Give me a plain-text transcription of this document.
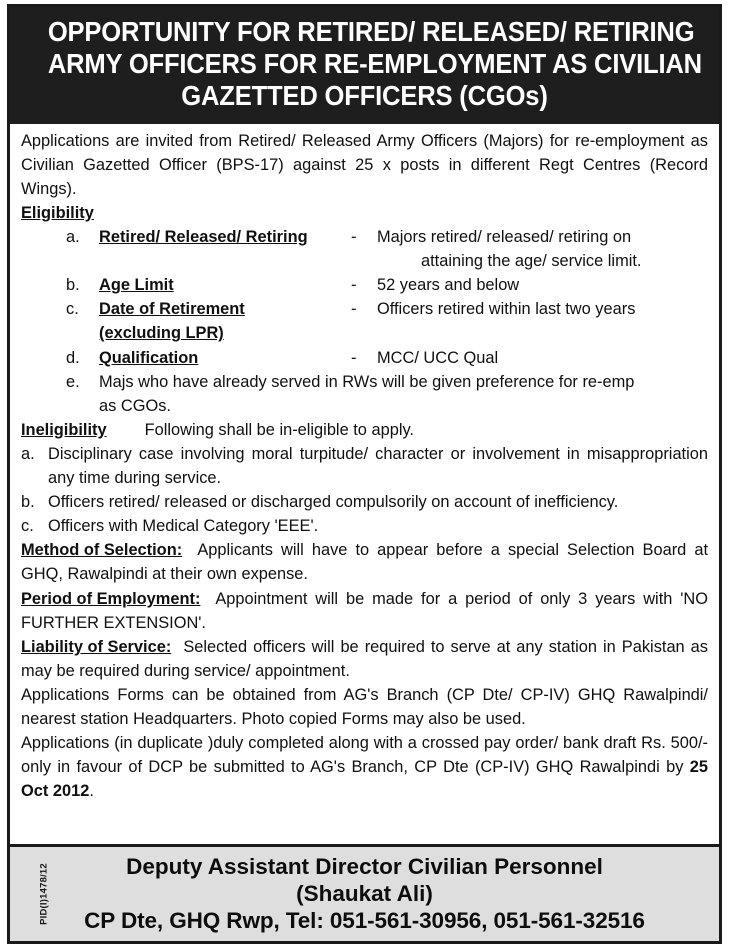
OPPORTUNITY FOR RETIRED/ RELEASED/ RETIRING
ARMY OFFICERS FOR RE-EMPLOYMENT AS CIVILIAN
GAZETTED OFFICERS (CGOs)

Applications are invited from Retired/ Released Army Officers (Majors) for re-employment as Civilian Gazetted Officer (BPS-17) against 25 x posts in different Regt Centres (Record Wings).

Eligibility
a.	Retired/ Released/ Retiring	-	Majors retired/ released/ retiring on
attaining the age/ service limit.
b.	Age Limit	-	52 years and below
c.	Date of Retirement	-	Officers retired within last two years
(excluding LPR)
d.	Qualification	-	MCC/ UCC Qual
e.	Majs who have already served in RWs will be given preference for re-emp
as CGOs.
Ineligibility Following shall be in-eligible to apply.
a. Disciplinary case involving moral turpitude/ character or involvement in misappropriation any time during service.
b. Officers retired/ released or discharged compulsorily on account of inefficiency.
c. Officers with Medical Category 'EEE'.

Method of Selection: Applicants will have to appear before a special Selection Board at GHQ, Rawalpindi at their own expense.

Period of Employment: Appointment will be made for a period of only 3 years with 'NO FURTHER EXTENSION'.

Liability of Service: Selected officers will be required to serve at any station in Pakistan as may be required during service/ appointment.

Applications Forms can be obtained from AG's Branch (CP Dte/ CP-IV) GHQ Rawalpindi/ nearest station Headquarters. Photo copied Forms may also be used.

Applications (in duplicate )duly completed along with a crossed pay order/ bank draft Rs. 500/- only in favour of DCP be submitted to AG's Branch, CP Dte (CP-IV) GHQ Rawalpindi by 25 Oct 2012.

PID(I)1478/12	Deputy Assistant Director Civilian Personnel
(Shaukat Ali)
CP Dte, GHQ Rwp, Tel: 051-561-30956, 051-561-32516
